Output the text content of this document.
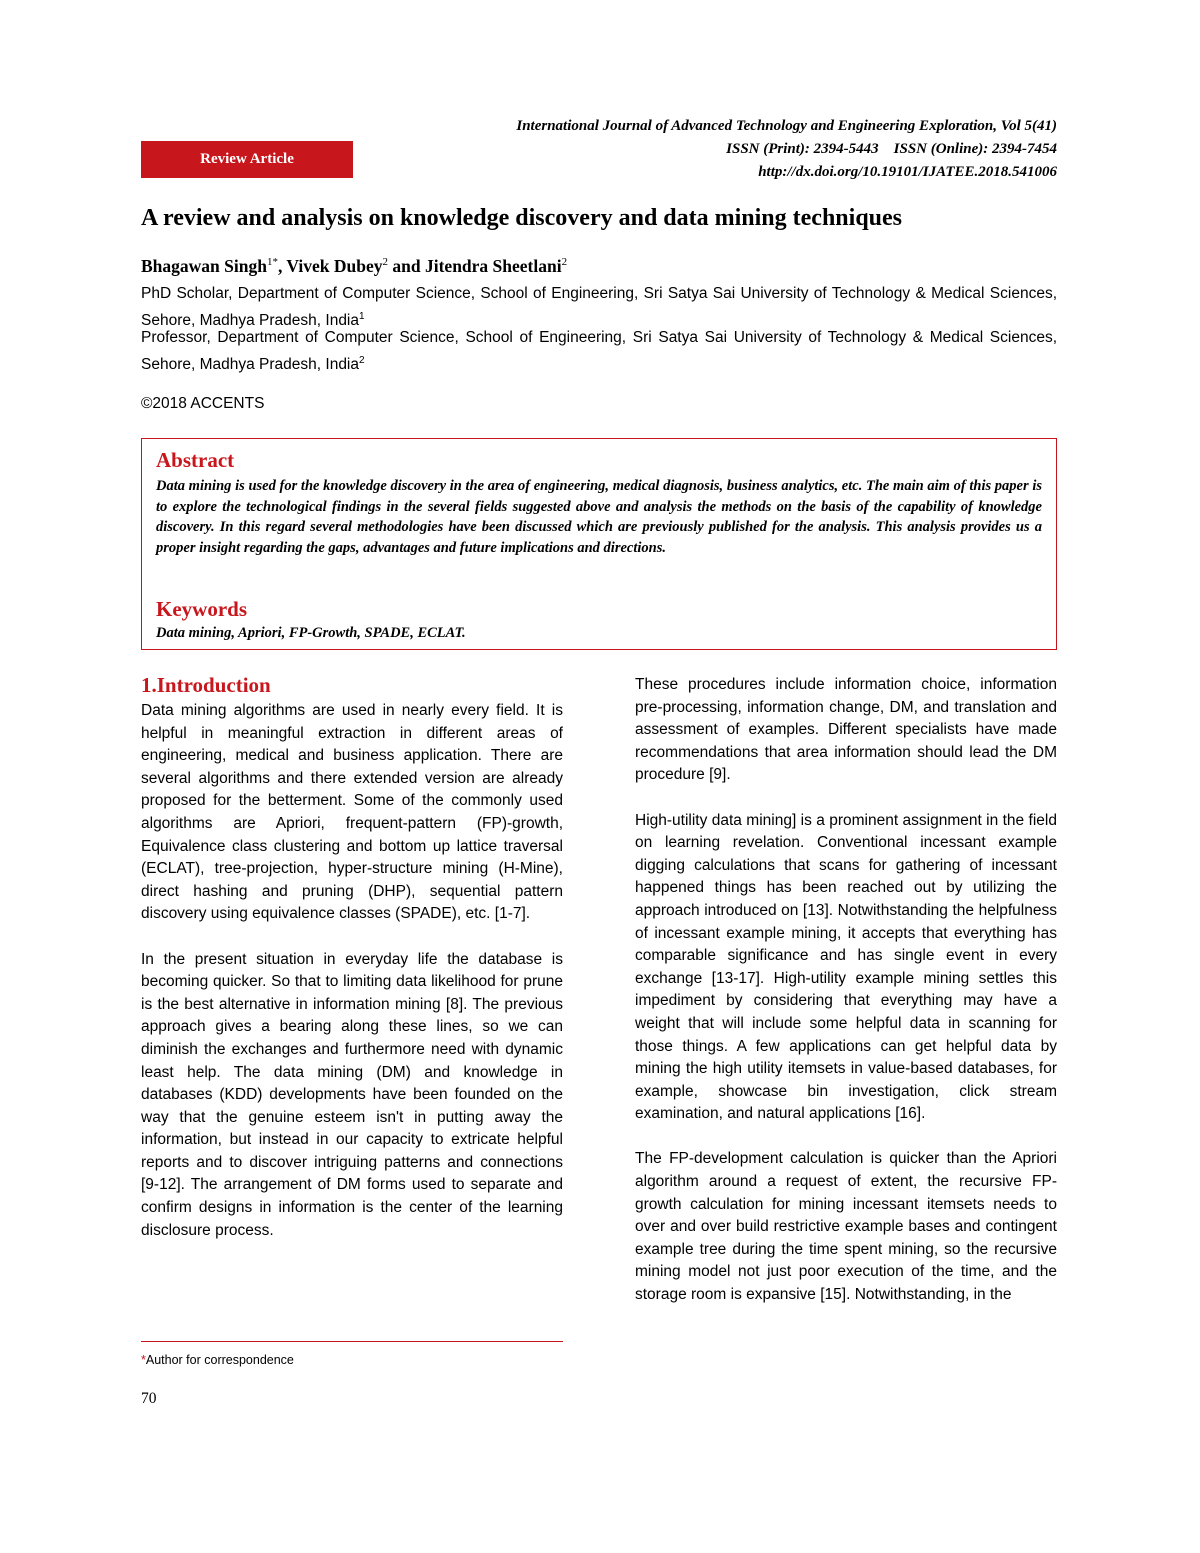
Review Article
International Journal of Advanced Technology and Engineering Exploration, Vol 5(41)
ISSN (Print): 2394-5443    ISSN (Online): 2394-7454
http://dx.doi.org/10.19101/IJATEE.2018.541006
A review and analysis on knowledge discovery and data mining techniques
Bhagawan Singh$^{1*}$, Vivek Dubey$^2$ and Jitendra Sheetlani$^2$
PhD Scholar, Department of Computer Science, School of Engineering, Sri Satya Sai University of Technology & Medical Sciences, Sehore, Madhya Pradesh, India$^1$
Professor, Department of Computer Science, School of Engineering, Sri Satya Sai University of Technology & Medical Sciences, Sehore, Madhya Pradesh, India$^2$
©2018 ACCENTS
Abstract
Data mining is used for the knowledge discovery in the area of engineering, medical diagnosis, business analytics, etc. The main aim of this paper is to explore the technological findings in the several fields suggested above and analysis the methods on the basis of the capability of knowledge discovery. In this regard several methodologies have been discussed which are previously published for the analysis. This analysis provides us a proper insight regarding the gaps, advantages and future implications and directions.
Keywords
Data mining, Apriori, FP-Growth, SPADE, ECLAT.
1.Introduction

Data mining algorithms are used in nearly every field. It is helpful in meaningful extraction in different areas of engineering, medical and business application. There are several algorithms and there extended version are already proposed for the betterment. Some of the commonly used algorithms are Apriori, frequent-pattern (FP)-growth, Equivalence class clustering and bottom up lattice traversal (ECLAT), tree-projection, hyper-structure mining (H-Mine), direct hashing and pruning (DHP), sequential pattern discovery using equivalence classes (SPADE), etc. [1-7].

In the present situation in everyday life the database is becoming quicker. So that to limiting data likelihood for prune is the best alternative in information mining [8]. The previous approach gives a bearing along these lines, so we can diminish the exchanges and furthermore need with dynamic least help. The data mining (DM) and knowledge in databases (KDD) developments have been founded on the way that the genuine esteem isn't in putting away the information, but instead in our capacity to extricate helpful reports and to discover intriguing patterns and connections [9-12]. The arrangement of DM forms used to separate and confirm designs in information is the center of the learning disclosure process.

These procedures include information choice, information pre-processing, information change, DM, and translation and assessment of examples. Different specialists have made recommendations that area information should lead the DM procedure [9].

High-utility data mining] is a prominent assignment in the field on learning revelation. Conventional incessant example digging calculations that scans for gathering of incessant happened things has been reached out by utilizing the approach introduced on [13]. Notwithstanding the helpfulness of incessant example mining, it accepts that everything has comparable significance and has single event in every exchange [13-17]. High-utility example mining settles this impediment by considering that everything may have a weight that will include some helpful data in scanning for those things. A few applications can get helpful data by mining the high utility itemsets in value-based databases, for example, showcase bin investigation, click stream examination, and natural applications [16].

The FP-development calculation is quicker than the Apriori algorithm around a request of extent, the recursive FP-growth calculation for mining incessant itemsets needs to over and over build restrictive example bases and contingent example tree during the time spent mining, so the recursive mining model not just poor execution of the time, and the storage room is expansive [15]. Notwithstanding, in the

*Author for correspondence
70
